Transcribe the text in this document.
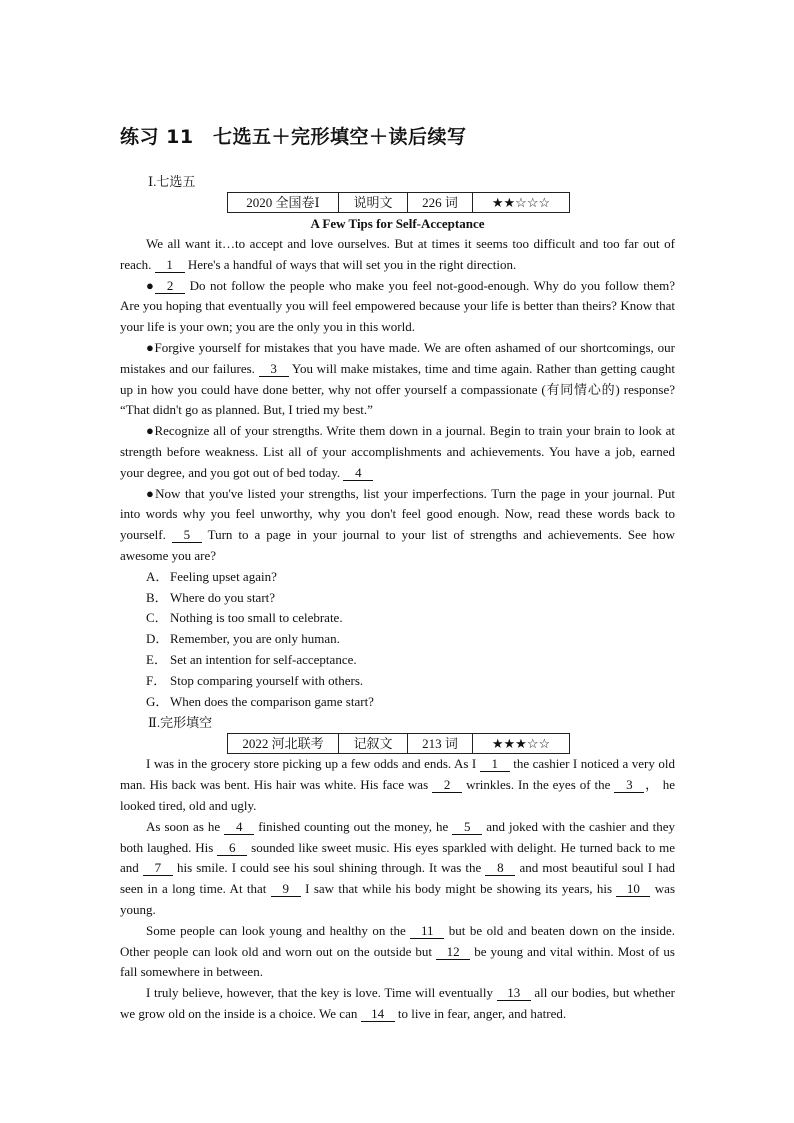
练习 11　七选五＋完形填空＋读后续写
Ⅰ.七选五
2020 全国卷Ⅰ	说明文	226 词	★★☆☆☆
A Few Tips for Self-Acceptance

We all want it…to accept and love ourselves. But at times it seems too difficult and too far out of reach. 1 Here's a handful of ways that will set you in the right direction.

● 2 Do not follow the people who make you feel not-good-enough. Why do you follow them? Are you hoping that eventually you will feel empowered because your life is better than theirs? Know that your life is your own; you are the only you in this world.

●Forgive yourself for mistakes that you have made. We are often ashamed of our shortcomings, our mistakes and our failures. 3 You will make mistakes, time and time again. Rather than getting caught up in how you could have done better, why not offer yourself a compassionate (有同情心的) response? “That didn't go as planned. But, I tried my best.”

●Recognize all of your strengths. Write them down in a journal. Begin to train your brain to look at strength before weakness. List all of your accomplishments and achievements. You have a job, earned your degree, and you got out of bed today. 4

●Now that you've listed your strengths, list your imperfections. Turn the page in your journal. Put into words why you feel unworthy, why you don't feel good enough. Now, read these words back to yourself. 5 Turn to a page in your journal to your list of strengths and achievements. See how awesome you are?

A． Feeling upset again?
B． Where do you start?
C． Nothing is too small to celebrate.
D． Remember, you are only human.
E． Set an intention for self-acceptance.
F． Stop comparing yourself with others.
G． When does the comparison game start?
Ⅱ.完形填空
2022 河北联考	记叙文	213 词	★★★☆☆

I was in the grocery store picking up a few odds and ends. As I 1 the cashier I noticed a very old man. His back was bent. His hair was white. His face was 2 wrinkles. In the eyes of the 3 ， he looked tired, old and ugly.

As soon as he 4 finished counting out the money, he 5 and joked with the cashier and they both laughed. His 6 sounded like sweet music. His eyes sparkled with delight. He turned back to me and 7 his smile. I could see his soul shining through. It was the 8 and most beautiful soul I had seen in a long time. At that 9 I saw that while his body might be showing its years, his 10 was young.

Some people can look young and healthy on the 11 but be old and beaten down on the inside. Other people can look old and worn out on the outside but 12 be young and vital within. Most of us fall somewhere in between.

I truly believe, however, that the key is love. Time will eventually 13 all our bodies, but whether we grow old on the inside is a choice. We can 14 to live in fear, anger, and hatred.
